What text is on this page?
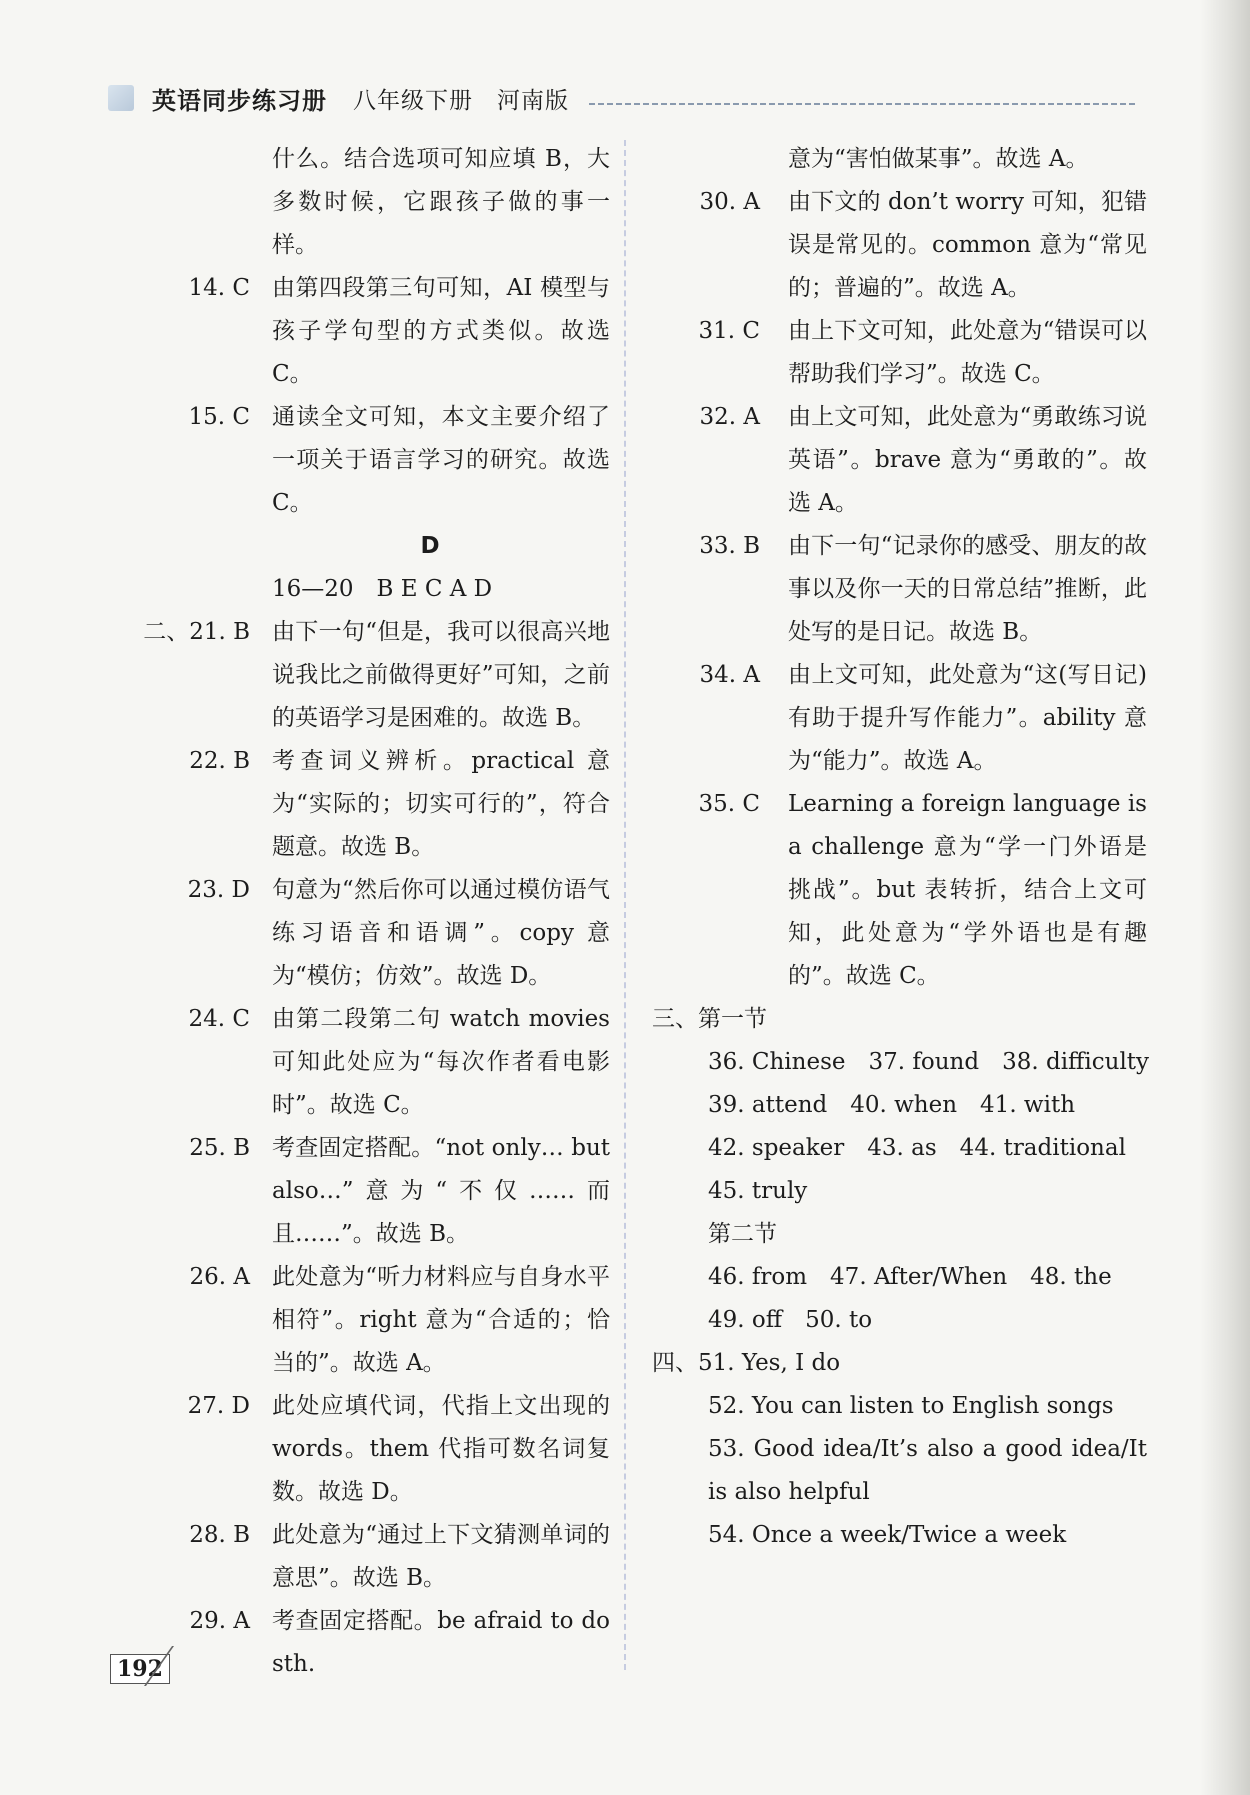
英语同步练习册 八年级下册　河南版
什么。结合选项可知应填 B，大多数时候，它跟孩子做的事一样。
14. C 由第四段第三句可知，AI 模型与孩子学句型的方式类似。故选 C。
15. C 通读全文可知，本文主要介绍了一项关于语言学习的研究。故选 C。
D
16—20　B E C A D
二、21. B 由下一句“但是，我可以很高兴地说我比之前做得更好”可知，之前的英语学习是困难的。故选 B。
22. B 考查词义辨析。practical 意为“实际的；切实可行的”，符合题意。故选 B。
23. D 句意为“然后你可以通过模仿语气练习语音和语调”。copy 意为“模仿；仿效”。故选 D。
24. C 由第二段第二句 watch movies 可知此处应为“每次作者看电影时”。故选 C。
25. B 考查固定搭配。“not only… but also…”意为“不仅……而且……”。故选 B。
26. A 此处意为“听力材料应与自身水平相符”。right 意为“合适的；恰当的”。故选 A。
27. D 此处应填代词，代指上文出现的 words。them 代指可数名词复数。故选 D。
28. B 此处意为“通过上下文猜测单词的意思”。故选 B。
29. A 考查固定搭配。be afraid to do sth.
意为“害怕做某事”。故选 A。
30. A	由下文的 don’t worry 可知，犯错误是常见的。common 意为“常见的；普遍的”。故选 A。
31. C	由上下文可知，此处意为“错误可以帮助我们学习”。故选 C。
32. A	由上文可知，此处意为“勇敢练习说英语”。brave 意为“勇敢的”。故选 A。
33. B	由下一句“记录你的感受、朋友的故事以及你一天的日常总结”推断，此处写的是日记。故选 B。
34. A	由上文可知，此处意为“这(写日记)有助于提升写作能力”。ability 意为“能力”。故选 A。
35. C	Learning a foreign language is a challenge 意为“学一门外语是挑战”。but 表转折，结合上文可知，此处意为“学外语也是有趣的”。故选 C。
三、第一节
36. Chinese　37. found　38. difficulty
39. attend　40. when　41. with
42. speaker　43. as　44. traditional
45. truly
第二节
46. from　47. After/When　48. the
49. off　50. to
四、51. Yes, I do
52. You can listen to English songs
53. Good idea/It’s also a good idea/It is also helpful
54. Once a week/Twice a week
192
